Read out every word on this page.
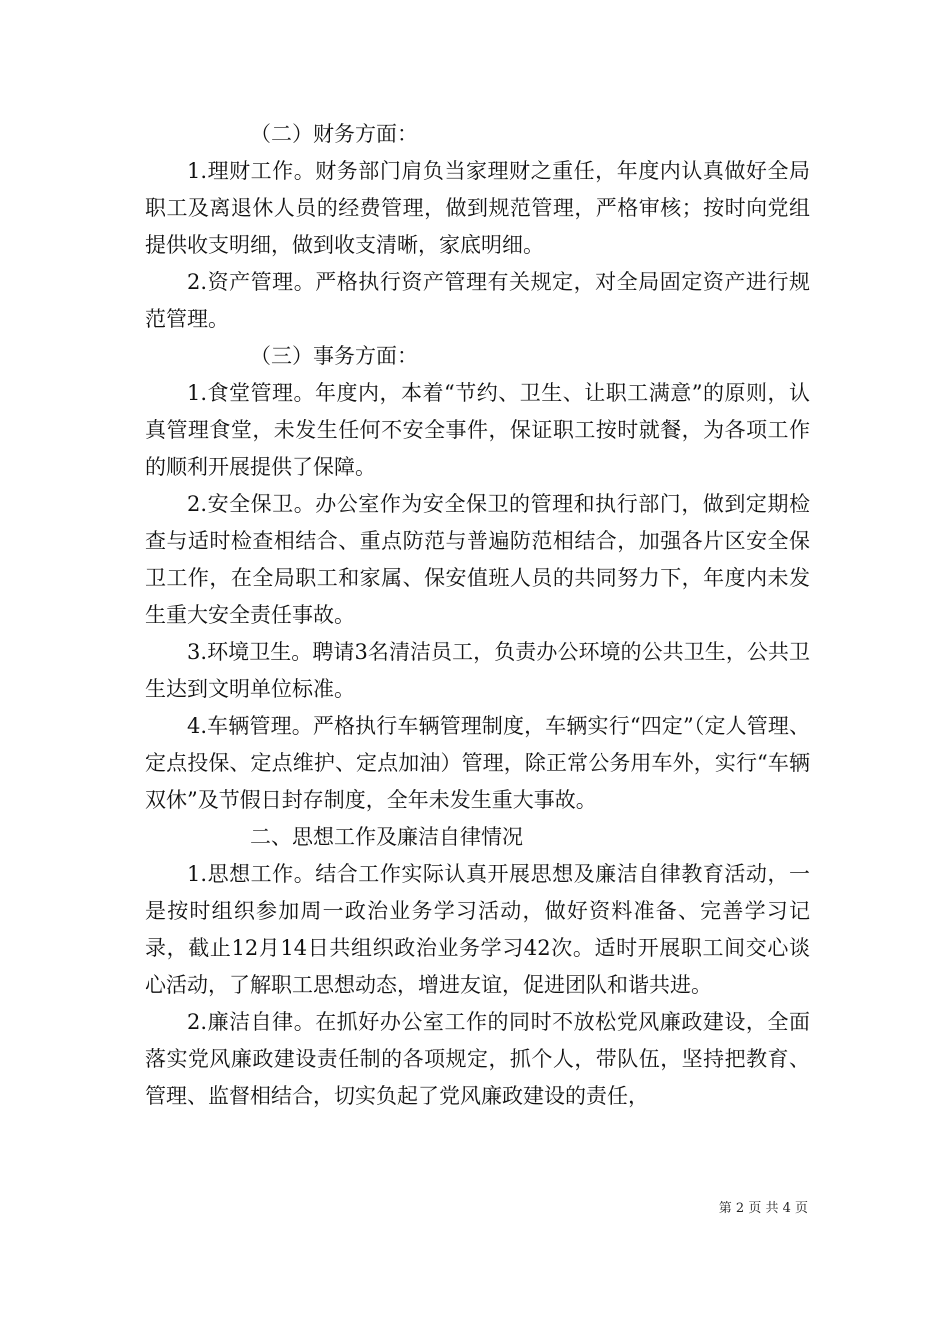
（二）财务方面：

1.理财工作。财务部门肩负当家理财之重任，年度内认真做好全局职工及离退休人员的经费管理，做到规范管理，严格审核；按时向党组提供收支明细，做到收支清晰，家底明细。

2.资产管理。严格执行资产管理有关规定，对全局固定资产进行规范管理。

（三）事务方面：

1.食堂管理。年度内，本着“节约、卫生、让职工满意”的原则，认真管理食堂，未发生任何不安全事件，保证职工按时就餐，为各项工作的顺利开展提供了保障。

2.安全保卫。办公室作为安全保卫的管理和执行部门，做到定期检查与适时检查相结合、重点防范与普遍防范相结合，加强各片区安全保卫工作，在全局职工和家属、保安值班人员的共同努力下，年度内未发生重大安全责任事故。

3.环境卫生。聘请3名清洁员工，负责办公环境的公共卫生，公共卫生达到文明单位标准。

4.车辆管理。严格执行车辆管理制度，车辆实行“四定”（定人管理、定点投保、定点维护、定点加油）管理，除正常公务用车外，实行“车辆双休”及节假日封存制度，全年未发生重大事故。

二、思想工作及廉洁自律情况

1.思想工作。结合工作实际认真开展思想及廉洁自律教育活动，一是按时组织参加周一政治业务学习活动，做好资料准备、完善学习记录，截止12月14日共组织政治业务学习42次。适时开展职工间交心谈心活动，了解职工思想动态，增进友谊，促进团队和谐共进。

2.廉洁自律。在抓好办公室工作的同时不放松党风廉政建设，全面落实党风廉政建设责任制的各项规定，抓个人，带队伍，坚持把教育、管理、监督相结合，切实负起了党风廉政建设的责任，

第 2 页 共 4 页
